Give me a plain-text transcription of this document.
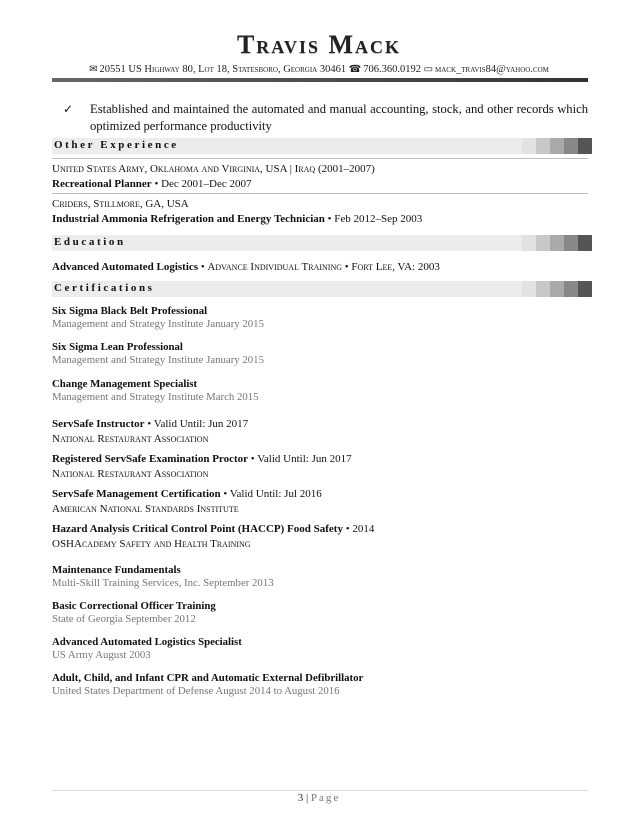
Travis Mack
✉ 20551 US Highway 80, Lot 18, Statesboro, Georgia 30461 ☎ 706.360.0192 ▭ mack_travis84@yahoo.com
✓	Established and maintained the automated and manual accounting, stock, and other records which optimized performance productivity
Other Experience
United States Army, Oklahoma and Virginia, USA | Iraq (2001–2007)
Recreational Planner • Dec 2001–Dec 2007
Criders, Stillmore, GA, USA
Industrial Ammonia Refrigeration and Energy Technician • Feb 2012–Sep 2003
Education
Advanced Automated Logistics • Advance Individual Training • Fort Lee, VA: 2003
Certifications
Six Sigma Black Belt Professional
Management and Strategy Institute January 2015
Six Sigma Lean Professional
Management and Strategy Institute January 2015
Change Management Specialist
Management and Strategy Institute March 2015
ServSafe Instructor • Valid Until: Jun 2017
National Restaurant Association
Registered ServSafe Examination Proctor • Valid Until: Jun 2017
National Restaurant Association
ServSafe Management Certification • Valid Until: Jul 2016
American National Standards Institute
Hazard Analysis Critical Control Point (HACCP) Food Safety • 2014
OSHAcademy Safety and Health Training
Maintenance Fundamentals
Multi-Skill Training Services, Inc. September 2013
Basic Correctional Officer Training
State of Georgia September 2012
Advanced Automated Logistics Specialist
US Army August 2003
Adult, Child, and Infant CPR and Automatic External Defibrillator
United States Department of Defense August 2014 to August 2016
3 | Page
